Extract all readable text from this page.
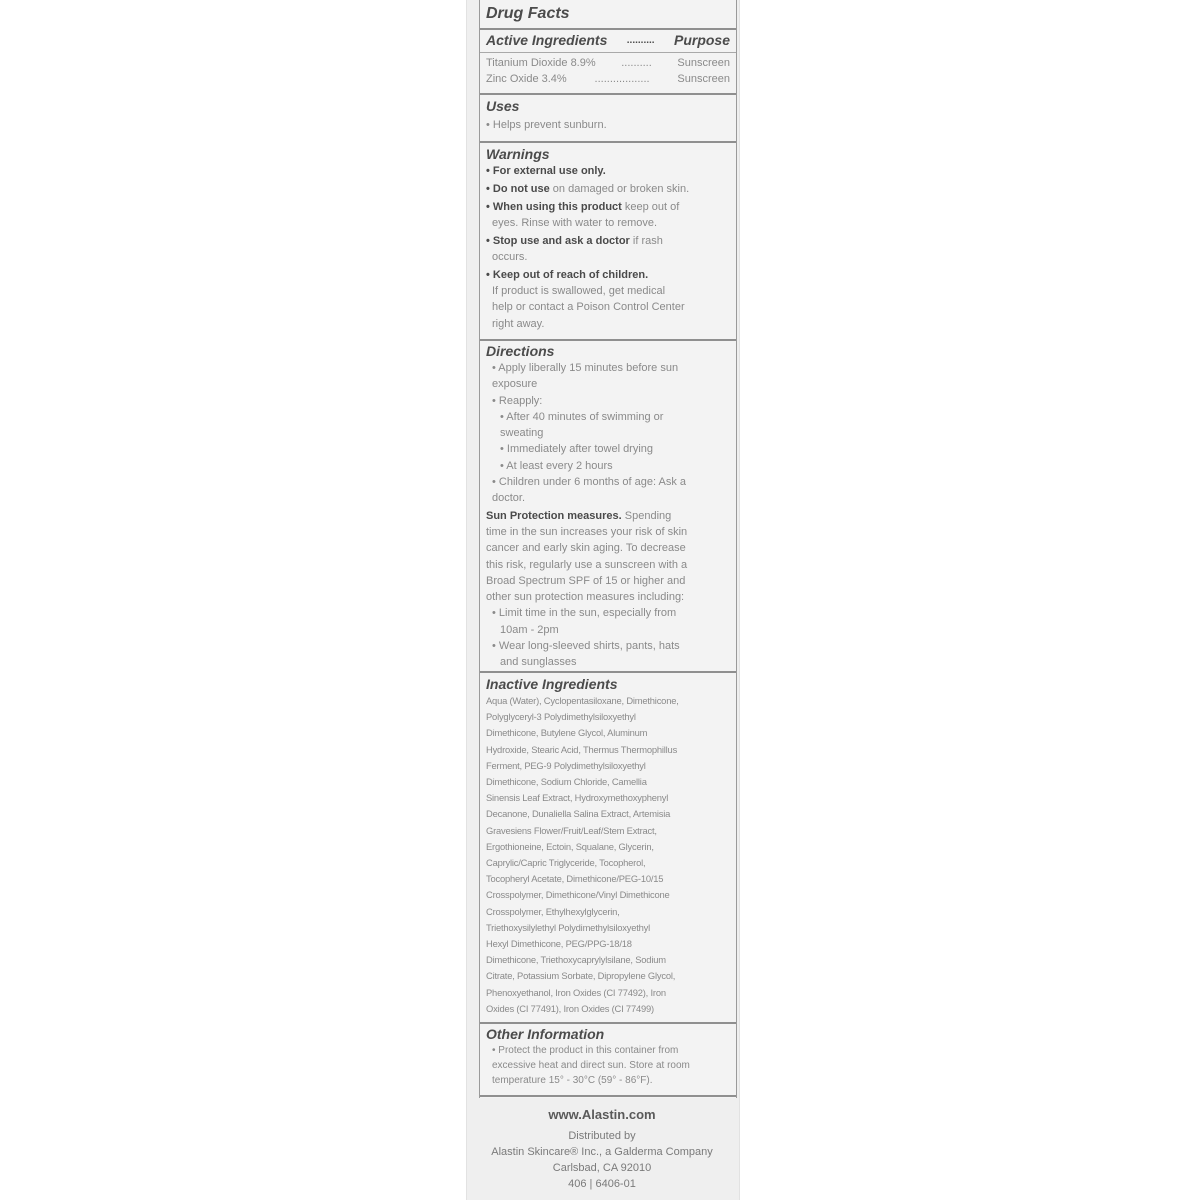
Drug Facts
Active Ingredients .......... Purpose
Titanium Dioxide 8.9% .......... Sunscreen
Zinc Oxide 3.4%	..................	Sunscreen
Uses
• Helps prevent sunburn.
Warnings
• For external use only.
• Do not use on damaged or broken skin.
• When using this product keep out of
eyes. Rinse with water to remove.
• Stop use and ask a doctor if rash
occurs.
• Keep out of reach of children.
If product is swallowed, get medical
help or contact a Poison Control Center
right away.
Directions
• Apply liberally 15 minutes before sun
exposure
• Reapply:
• After 40 minutes of swimming or
sweating
• Immediately after towel drying
• At least every 2 hours
• Children under 6 months of age: Ask a
doctor.
Sun Protection measures. Spending
time in the sun increases your risk of skin
cancer and early skin aging. To decrease
this risk, regularly use a sunscreen with a
Broad Spectrum SPF of 15 or higher and
other sun protection measures including:
• Limit time in the sun, especially from
10am - 2pm
• Wear long-sleeved shirts, pants, hats
and sunglasses
Inactive Ingredients
Aqua (Water), Cyclopentasiloxane, Dimethicone,
Polyglyceryl-3 Polydimethylsiloxyethyl
Dimethicone, Butylene Glycol, Aluminum
Hydroxide, Stearic Acid, Thermus Thermophillus
Ferment, PEG-9 Polydimethylsiloxyethyl
Dimethicone, Sodium Chloride, Camellia
Sinensis Leaf Extract, Hydroxymethoxyphenyl
Decanone, Dunaliella Salina Extract, Artemisia
Gravesiens Flower/Fruit/Leaf/Stem Extract,
Ergothioneine, Ectoin, Squalane, Glycerin,
Caprylic/Capric Triglyceride, Tocopherol,
Tocopheryl Acetate, Dimethicone/PEG-10/15
Crosspolymer, Dimethicone/Vinyl Dimethicone
Crosspolymer, Ethylhexylglycerin,
Triethoxysilylethyl Polydimethylsiloxyethyl
Hexyl Dimethicone, PEG/PPG-18/18
Dimethicone, Triethoxycaprylylsilane, Sodium
Citrate, Potassium Sorbate, Dipropylene Glycol,
Phenoxyethanol, Iron Oxides (CI 77492), Iron
Oxides (CI 77491), Iron Oxides (CI 77499)
Other Information
• Protect the product in this container from
excessive heat and direct sun. Store at room
temperature 15° - 30°C (59° - 86°F).
www.Alastin.com
Distributed by
Alastin Skincare® Inc., a Galderma Company
Carlsbad, CA 92010
406 | 6406-01
